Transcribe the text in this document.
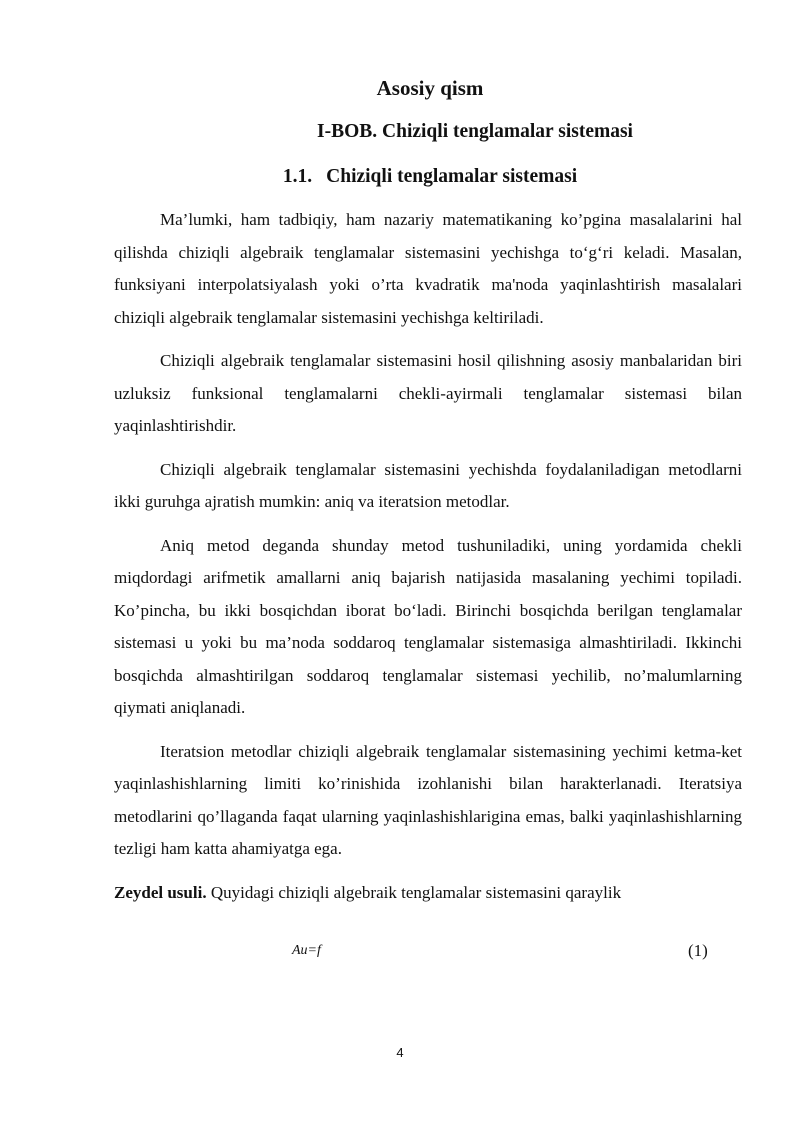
Asosiy qism
I-BOB. Chiziqli tenglamalar sistemasi
1.1. Chiziqli tenglamalar sistemasi

Ma’lumki, ham tadbiqiy, ham nazariy matematikaning ko’pgina masalalarini hal qilishda chiziqli algebraik tenglamalar sistemasini yechishga to‘g‘ri keladi. Masalan, funksiyani interpolatsiyalash yoki o’rta kvadratik ma'noda yaqinlashtirish masalalari chiziqli algebraik tenglamalar sistemasini yechishga keltiriladi.

Chiziqli algebraik tenglamalar sistemasini hosil qilishning asosiy manbalaridan biri uzluksiz funksional tenglamalarni chekli-ayirmali tenglamalar sistemasi bilan yaqinlashtirishdir.

Chiziqli algebraik tenglamalar sistemasini yechishda foydalaniladigan metodlarni ikki guruhga ajratish mumkin: aniq va iteratsion metodlar.

Aniq metod deganda shunday metod tushuniladiki, uning yordamida chekli miqdordagi arifmetik amallarni aniq bajarish natijasida masalaning yechimi topiladi. Ko’pincha, bu ikki bosqichdan iborat bo‘ladi. Birinchi bosqichda berilgan tenglamalar sistemasi u yoki bu ma’noda soddaroq tenglamalar sistemasiga almashtiriladi. Ikkinchi bosqichda almashtirilgan soddaroq tenglamalar sistemasi yechilib, no’malumlarning qiymati aniqlanadi.

Iteratsion metodlar chiziqli algebraik tenglamalar sistemasining yechimi ketma-ket yaqinlashishlarning limiti ko’rinishida izohlanishi bilan harakterlanadi. Iteratsiya metodlarini qo’llaganda faqat ularning yaqinlashishlarigina emas, balki yaqinlashishlarning tezligi ham katta ahamiyatga ega.

Zeydel usuli. Quyidagi chiziqli algebraik tenglamalar sistemasini qaraylik

Au=f	(1)
4
